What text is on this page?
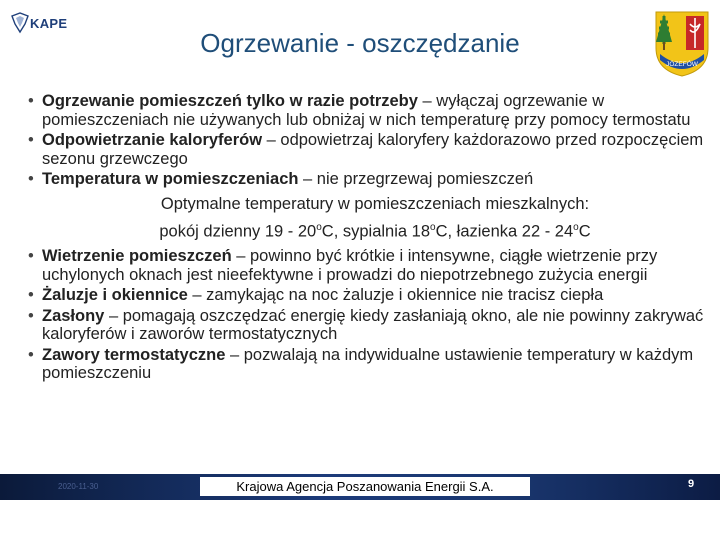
KAPE
Ogrzewanie - oszczędzanie
JÓZEFÓW
• Ogrzewanie pomieszczeń tylko w razie potrzeby – wyłączaj ogrzewanie w pomieszczeniach nie używanych lub obniżaj w nich temperaturę przy pomocy termostatu
• Odpowietrzanie kaloryferów – odpowietrzaj kaloryfery każdorazowo przed rozpoczęciem sezonu grzewczego
• Temperatura w pomieszczeniach – nie przegrzewaj pomieszczeń
Optymalne temperatury w pomieszczeniach mieszkalnych:
pokój dzienny 19 - 20$^o$C, sypialnia 18$^o$C, łazienka 22 - 24$^o$C
• Wietrzenie pomieszczeń – powinno być krótkie i intensywne, ciągłe wietrzenie przy uchylonych oknach jest nieefektywne i prowadzi do niepotrzebnego zużycia energii
• Żaluzje i okiennice – zamykając na noc żaluzje i okiennice nie tracisz ciepła
• Zasłony – pomagają oszczędzać energię kiedy zasłaniają okno, ale nie powinny zakrywać kaloryferów i zaworów termostatycznych
• Zawory termostatyczne – pozwalają na indywidualne ustawienie temperatury w każdym pomieszczeniu
2020-11-30	Krajowa Agencja Poszanowania Energii S.A.	9
